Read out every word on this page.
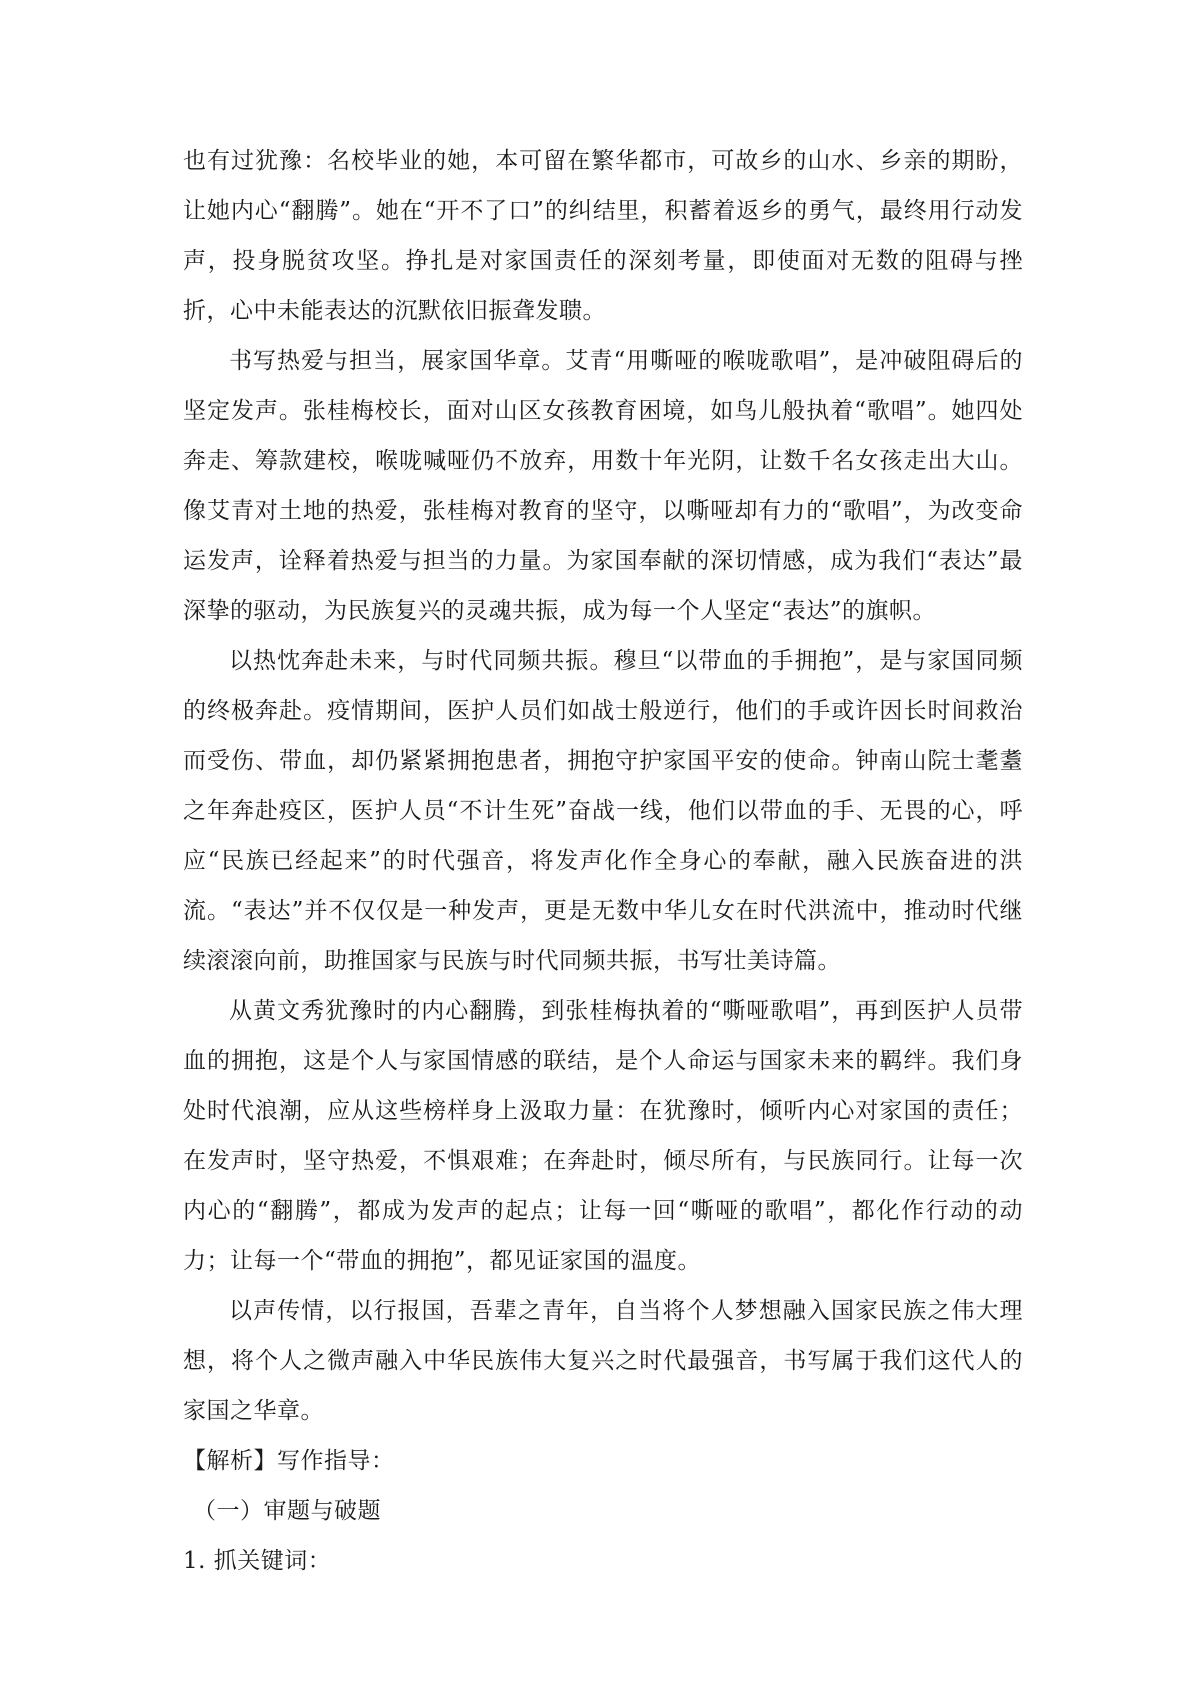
也有过犹豫：名校毕业的她，本可留在繁华都市，可故乡的山水、乡亲的期盼，让她内心“翻腾”。她在“开不了口”的纠结里，积蓄着返乡的勇气，最终用行动发声，投身脱贫攻坚。挣扎是对家国责任的深刻考量，即使面对无数的阻碍与挫折，心中未能表达的沉默依旧振聋发聩。

书写热爱与担当，展家国华章。艾青“用嘶哑的喉咙歌唱”，是冲破阻碍后的坚定发声。张桂梅校长，面对山区女孩教育困境，如鸟儿般执着“歌唱”。她四处奔走、筹款建校，喉咙喊哑仍不放弃，用数十年光阴，让数千名女孩走出大山。像艾青对土地的热爱，张桂梅对教育的坚守，以嘶哑却有力的“歌唱”，为改变命运发声，诠释着热爱与担当的力量。为家国奉献的深切情感，成为我们“表达”最深挚的驱动，为民族复兴的灵魂共振，成为每一个人坚定“表达”的旗帜。

以热忱奔赴未来，与时代同频共振。穆旦“以带血的手拥抱”，是与家国同频的终极奔赴。疫情期间，医护人员们如战士般逆行，他们的手或许因长时间救治而受伤、带血，却仍紧紧拥抱患者，拥抱守护家国平安的使命。钟南山院士耄耋之年奔赴疫区，医护人员“不计生死”奋战一线，他们以带血的手、无畏的心，呼应“民族已经起来”的时代强音，将发声化作全身心的奉献，融入民族奋进的洪流。“表达”并不仅仅是一种发声，更是无数中华儿女在时代洪流中，推动时代继续滚滚向前，助推国家与民族与时代同频共振，书写壮美诗篇。

从黄文秀犹豫时的内心翻腾，到张桂梅执着的“嘶哑歌唱”，再到医护人员带血的拥抱，这是个人与家国情感的联结，是个人命运与国家未来的羁绊。我们身处时代浪潮，应从这些榜样身上汲取力量：在犹豫时，倾听内心对家国的责任；在发声时，坚守热爱，不惧艰难；在奔赴时，倾尽所有，与民族同行。让每一次内心的“翻腾”，都成为发声的起点；让每一回“嘶哑的歌唱”，都化作行动的动力；让每一个“带血的拥抱”，都见证家国的温度。

以声传情，以行报国，吾辈之青年，自当将个人梦想融入国家民族之伟大理想，将个人之微声融入中华民族伟大复兴之时代最强音，书写属于我们这代人的家国之华章。

【解析】写作指导：

（一）审题与破题

1. 抓关键词：
